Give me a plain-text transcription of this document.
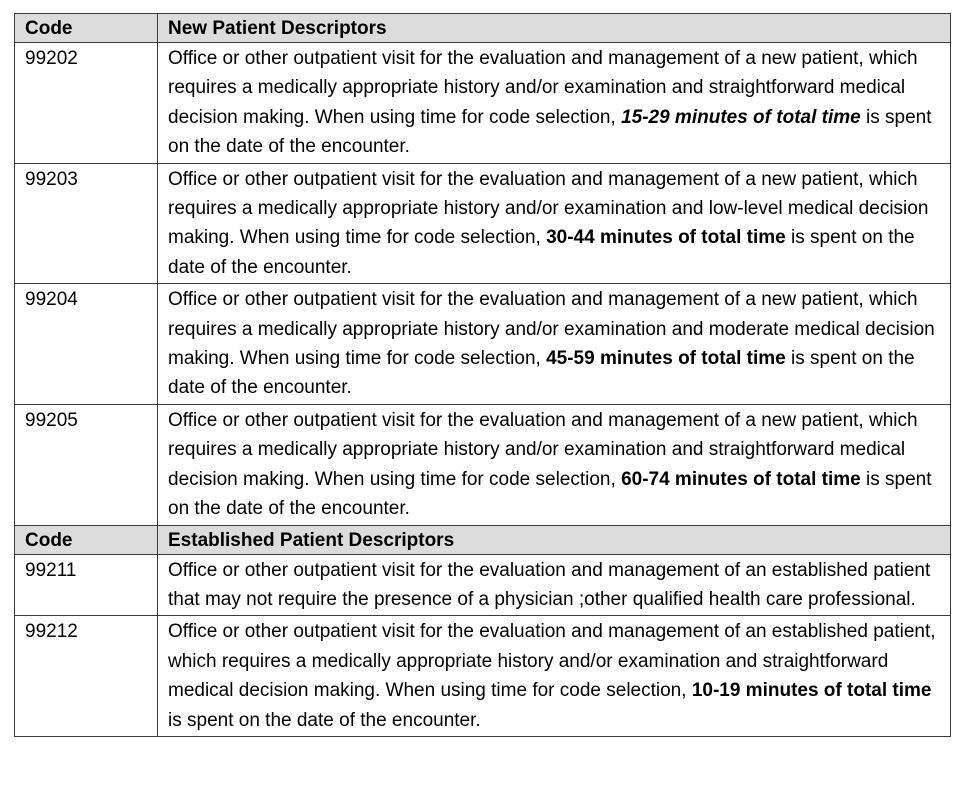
Code	New Patient Descriptors
99202	Office or other outpatient visit for the evaluation and management of a new patient, which requires a medically appropriate history and/or examination and straightforward medical decision making. When using time for code selection, 15-29 minutes of total time is spent on the date of the encounter.
99203	Office or other outpatient visit for the evaluation and management of a new patient, which requires a medically appropriate history and/or examination and low-level medical decision making. When using time for code selection, 30-44 minutes of total time is spent on the date of the encounter.
99204	Office or other outpatient visit for the evaluation and management of a new patient, which requires a medically appropriate history and/or examination and moderate medical decision making. When using time for code selection, 45-59 minutes of total time is spent on the date of the encounter.
99205	Office or other outpatient visit for the evaluation and management of a new patient, which requires a medically appropriate history and/or examination and straightforward medical decision making. When using time for code selection, 60-74 minutes of total time is spent on the date of the encounter.
Code	Established Patient Descriptors
99211	Office or other outpatient visit for the evaluation and management of an established patient that may not require the presence of a physician ;other qualified health care professional.
99212	Office or other outpatient visit for the evaluation and management of an established patient, which requires a medically appropriate history and/or examination and straightforward medical decision making. When using time for code selection, 10-19 minutes of total time is spent on the date of the encounter.
